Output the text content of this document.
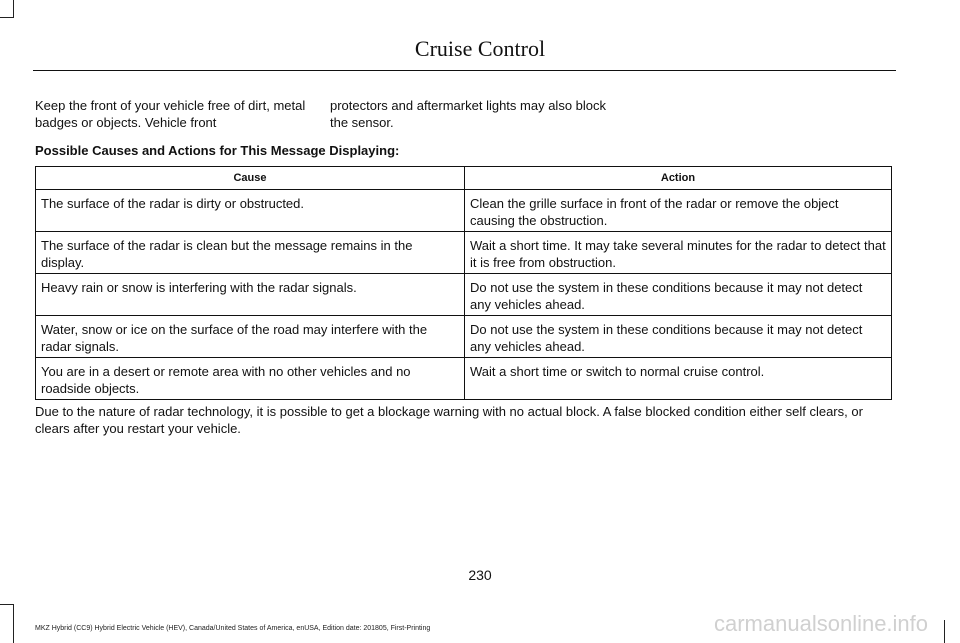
Cruise Control
Keep the front of your vehicle free of dirt, metal badges or objects. Vehicle front
protectors and aftermarket lights may also block the sensor.
Possible Causes and Actions for This Message Displaying:
Cause	Action
The surface of the radar is dirty or obstructed.	Clean the grille surface in front of the radar or remove the object causing the obstruction.
The surface of the radar is clean but the message remains in the display.	Wait a short time. It may take several minutes for the radar to detect that it is free from obstruction.
Heavy rain or snow is interfering with the radar signals.	Do not use the system in these conditions because it may not detect any vehicles ahead.
Water, snow or ice on the surface of the road may interfere with the radar signals.	Do not use the system in these conditions because it may not detect any vehicles ahead.
You are in a desert or remote area with no other vehicles and no roadside objects.	Wait a short time or switch to normal cruise control.
Due to the nature of radar technology, it is possible to get a blockage warning with no actual block. A false blocked condition either self clears, or clears after you restart your vehicle.
230
MKZ Hybrid (CC9) Hybrid Electric Vehicle (HEV), Canada/United States of America, enUSA, Edition date: 201805, First-Printing	carmanualsonline.info
